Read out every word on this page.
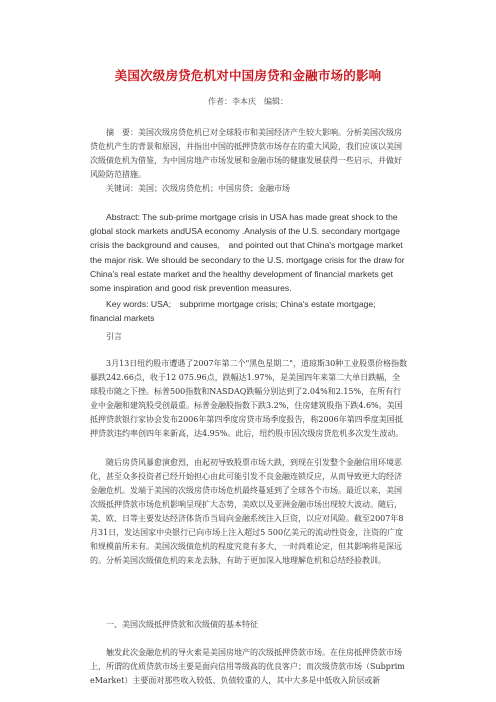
美国次级房贷危机对中国房贷和金融市场的影响
作者：李本庆　编辑：
摘　要：美国次级房贷危机已对全球股市和美国经济产生较大影响。分析美国次级房贷危机产生的背景和原因，并指出中国的抵押贷款市场存在的重大风险，我们应该以美国次级债危机为借鉴，为中国房地产市场发展和金融市场的健康发展获得一些启示，并做好风险防范措施。
关键词：美国；次级房贷危机；中国房贷；金融市场
Abstract: The sub-prime mortgage crisis in USA has made great shock to the global stock markets andUSA economy .Analysis of the U.S. secondary mortgage crisis the background and causes,　and pointed out that China's mortgage market the major risk. We should be secondary to the U.S. mortgage crisis for the draw for China's real estate market and the healthy development of financial markets get some inspiration and good risk prevention measures.
Key words: USA;　subprime mortgage crisis; China's estate mortgage; financial markets
引言
3月13日纽约股市遭遇了2007年第二个"黑色星期二"，道琼斯30种工业股票价格指数暴跌242.66点，收于12 075.96点，跌幅达1.97%，是美国四年来第二大单日跌幅，全球股市随之下挫。标普500指数和NASDAQ跌幅分别达到了2.04%和2.15%，在所有行业中金融和建筑股受创最重。标普金融股指数下跌3.2%，住房建筑股指下跌4.6%。美国抵押贷款银行家协会发布2006年第四季度房贷市场季度报告，称2006年第四季度美国抵押贷款违约率创四年来新高，达4.95%。此后，纽约股市因次级房贷危机多次发生波动。
随后房贷风暴愈演愈烈，由起初导致股票市场大跌，到现在引发整个金融信用环境恶化，甚至众多投资者已经开始担心由此可能引发不良金融连锁反应，从而导致更大的经济金融危机。发端于美国的次级房贷市场危机最终蔓延到了全球各个市场。最近以来，美国次级抵押贷款市场危机影响呈现扩大态势，美欧以及亚洲金融市场出现较大波动。随后，美、欧、日等主要发达经济体货币当局向金融系统注入巨资，以应对风险。截至2007年8月31日，发达国家中央银行已向市场上注入超过5 500亿美元的流动性资金，注资的广度和规模前所未有。美国次级债危机的程度究竟有多大，一时尚难论定，但其影响将是深远的。分析美国次级债危机的来龙去脉，有助于更加深入地理解危机和总结经验教训。
一、美国次级抵押贷款和次级债的基本特征
触发此次金融危机的导火索是美国房地产的次级抵押贷款市场。在住房抵押贷款市场上，所谓的优质贷款市场主要是面向信用等级高的优良客户；而次级贷款市场（SubprimeMarket）主要面对那些收入较低、负债较重的人，其中大多是中低收入阶层或新
